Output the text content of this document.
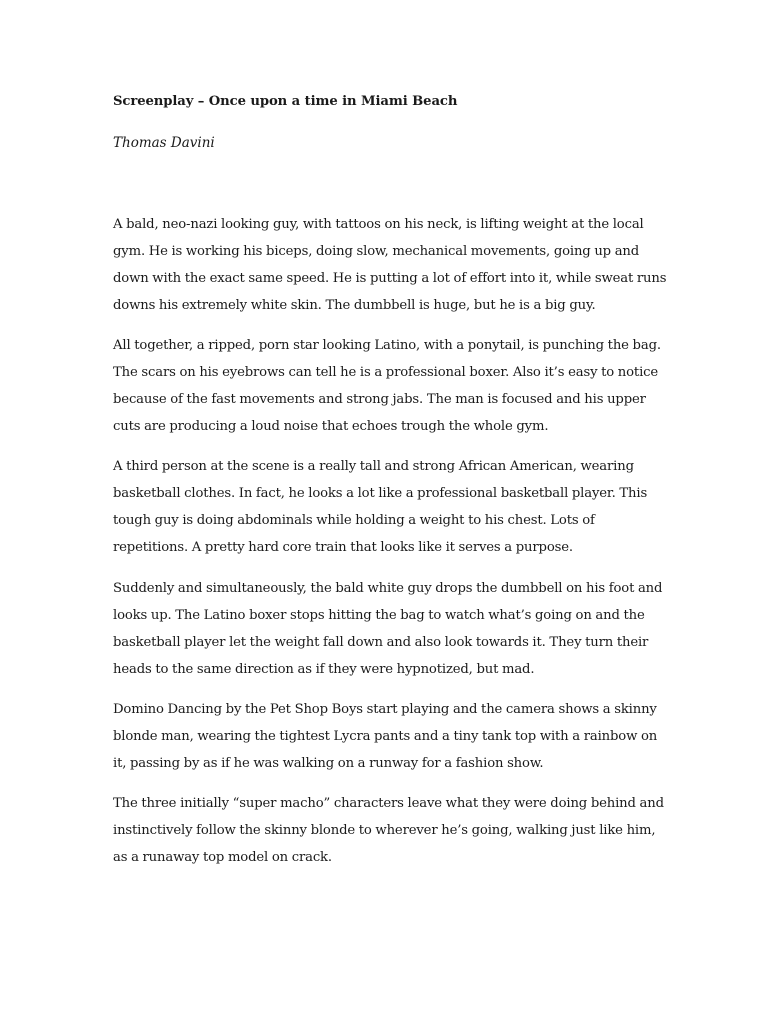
Screenplay – Once upon a time in Miami Beach
Thomas Davini

A bald, neo-nazi looking guy, with tattoos on his neck, is lifting weight at the local
gym. He is working his biceps, doing slow, mechanical movements, going up and
down with the exact same speed. He is putting a lot of effort into it, while sweat runs
downs his extremely white skin. The dumbbell is huge, but he is a big guy.

All together, a ripped, porn star looking Latino, with a ponytail, is punching the bag.
The scars on his eyebrows can tell he is a professional boxer. Also it’s easy to notice
because of the fast movements and strong jabs. The man is focused and his upper
cuts are producing a loud noise that echoes trough the whole gym.

A third person at the scene is a really tall and strong African American, wearing
basketball clothes. In fact, he looks a lot like a professional basketball player. This
tough guy is doing abdominals while holding a weight to his chest. Lots of
repetitions. A pretty hard core train that looks like it serves a purpose.

Suddenly and simultaneously, the bald white guy drops the dumbbell on his foot and
looks up. The Latino boxer stops hitting the bag to watch what’s going on and the
basketball player let the weight fall down and also look towards it. They turn their
heads to the same direction as if they were hypnotized, but mad.

Domino Dancing by the Pet Shop Boys start playing and the camera shows a skinny
blonde man, wearing the tightest Lycra pants and a tiny tank top with a rainbow on
it, passing by as if he was walking on a runway for a fashion show.

The three initially “super macho” characters leave what they were doing behind and
instinctively follow the skinny blonde to wherever he’s going, walking just like him,
as a runaway top model on crack.
